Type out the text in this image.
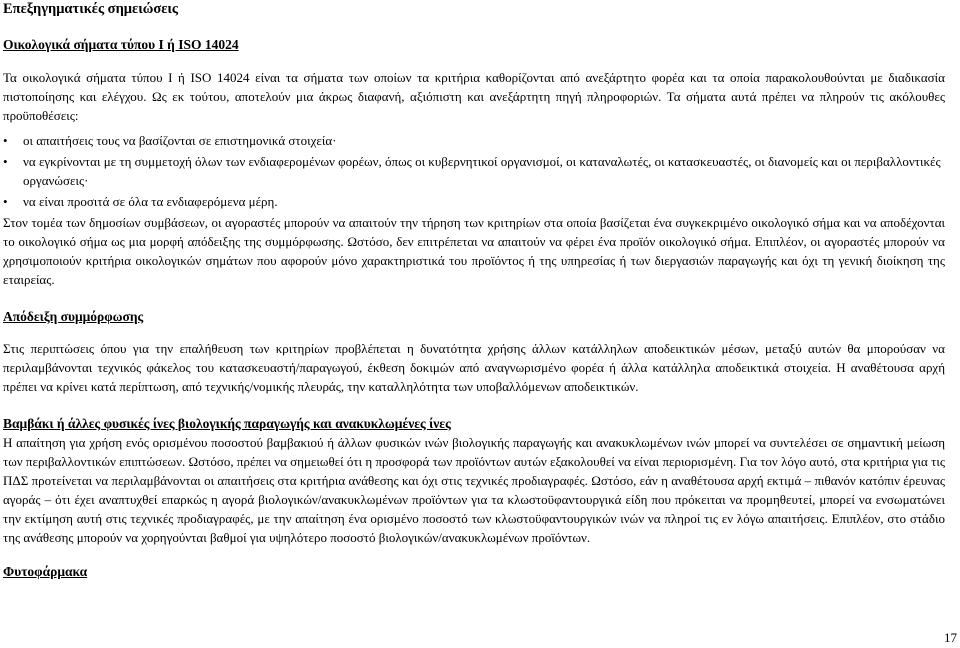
Επεξηγηματικές σημειώσεις
Οικολογικά σήματα τύπου I ή ISO 14024

Τα οικολογικά σήματα τύπου I ή ISO 14024 είναι τα σήματα των οποίων τα κριτήρια καθορίζονται από ανεξάρτητο φορέα και τα οποία παρακολουθούνται με διαδικασία πιστοποίησης και ελέγχου. Ως εκ τούτου, αποτελούν μια άκρως διαφανή, αξιόπιστη και ανεξάρτητη πηγή πληροφοριών. Τα σήματα αυτά πρέπει να πληρούν τις ακόλουθες προϋποθέσεις:

•	οι απαιτήσεις τους να βασίζονται σε επιστημονικά στοιχεία·
•	να εγκρίνονται με τη συμμετοχή όλων των ενδιαφερομένων φορέων, όπως οι κυβερνητικοί οργανισμοί, οι καταναλωτές, οι κατασκευαστές, οι διανομείς και οι περιβαλλοντικές οργανώσεις·
•	να είναι προσιτά σε όλα τα ενδιαφερόμενα μέρη.

Στον τομέα των δημοσίων συμβάσεων, οι αγοραστές μπορούν να απαιτούν την τήρηση των κριτηρίων στα οποία βασίζεται ένα συγκεκριμένο οικολογικό σήμα και να αποδέχονται το οικολογικό σήμα ως μια μορφή απόδειξης της συμμόρφωσης. Ωστόσο, δεν επιτρέπεται να απαιτούν να φέρει ένα προϊόν οικολογικό σήμα. Επιπλέον, οι αγοραστές μπορούν να χρησιμοποιούν κριτήρια οικολογικών σημάτων που αφορούν μόνο χαρακτηριστικά του προϊόντος ή της υπηρεσίας ή των διεργασιών παραγωγής και όχι τη γενική διοίκηση της εταιρείας.

Απόδειξη συμμόρφωσης

Στις περιπτώσεις όπου για την επαλήθευση των κριτηρίων προβλέπεται η δυνατότητα χρήσης άλλων κατάλληλων αποδεικτικών μέσων, μεταξύ αυτών θα μπορούσαν να περιλαμβάνονται τεχνικός φάκελος του κατασκευαστή/παραγωγού, έκθεση δοκιμών από αναγνωρισμένο φορέα ή άλλα κατάλληλα αποδεικτικά στοιχεία. Η αναθέτουσα αρχή πρέπει να κρίνει κατά περίπτωση, από τεχνικής/νομικής πλευράς, την καταλληλότητα των υποβαλλόμενων αποδεικτικών.

Βαμβάκι ή άλλες φυσικές ίνες βιολογικής παραγωγής και ανακυκλωμένες ίνες

Η απαίτηση για χρήση ενός ορισμένου ποσοστού βαμβακιού ή άλλων φυσικών ινών βιολογικής παραγωγής και ανακυκλωμένων ινών μπορεί να συντελέσει σε σημαντική μείωση των περιβαλλοντικών επιπτώσεων. Ωστόσο, πρέπει να σημειωθεί ότι η προσφορά των προϊόντων αυτών εξακολουθεί να είναι περιορισμένη. Για τον λόγο αυτό, στα κριτήρια για τις ΠΔΣ προτείνεται να περιλαμβάνονται οι απαιτήσεις στα κριτήρια ανάθεσης και όχι στις τεχνικές προδιαγραφές. Ωστόσο, εάν η αναθέτουσα αρχή εκτιμά – πιθανόν κατόπιν έρευνας αγοράς – ότι έχει αναπτυχθεί επαρκώς η αγορά βιολογικών/ανακυκλωμένων προϊόντων για τα κλωστοϋφαντουργικά είδη που πρόκειται να προμηθευτεί, μπορεί να ενσωματώνει την εκτίμηση αυτή στις τεχνικές προδιαγραφές, με την απαίτηση ένα ορισμένο ποσοστό των κλωστοϋφαντουργικών ινών να πληροί τις εν λόγω απαιτήσεις. Επιπλέον, στο στάδιο της ανάθεσης μπορούν να χορηγούνται βαθμοί για υψηλότερο ποσοστό βιολογικών/ανακυκλωμένων προϊόντων.

Φυτοφάρμακα
17
